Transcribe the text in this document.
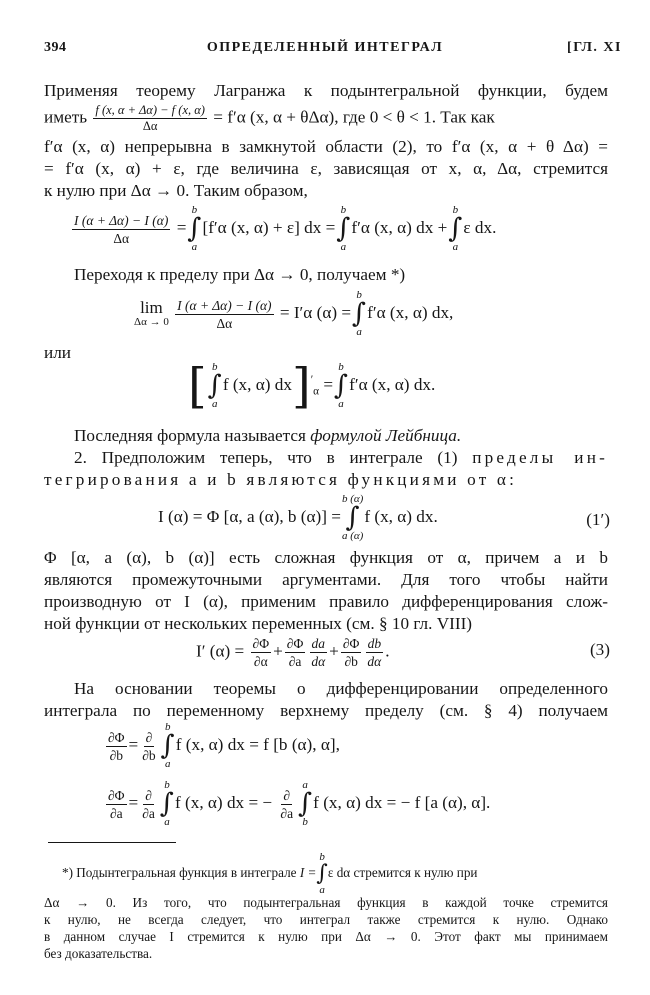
394	ОПРЕДЕЛЕННЫЙ ИНТЕГРАЛ	[ГЛ. XI
Применяя теорему Лагранжа к подынтегральной функции, будем
иметь $\frac{f (x, \alpha + \Delta\alpha) - f (x, \alpha)}{\Delta\alpha} = f'\alpha$ (x, α + θΔα), где 0 < θ < 1. Так как
f′α (x, α) непрерывна в замкнутой области (2), то f′α (x, α + θ Δα) =
= f′α (x, α) + ε, где величина ε, зависящая от x, α, Δα, стремится
к нулю при Δα → 0. Таким образом,
$\frac{I (\alpha + \Delta\alpha) - I (\alpha)}{\Delta\alpha}$ =
b
∫
a
[f′α (x, α) + ε] dx =
b
∫
a
f′α (x, α) dx +
b
∫
a
ε dx.
Переходя к пределу при Δα → 0, получаем *)
lim
Δα → 0
$\frac{I (\alpha + \Delta\alpha) - I (\alpha)}{\Delta\alpha} = I'\alpha$ (α) =
b
∫
a
f′α (x, α) dx,
или
[ b
∫
a
f (x, α) $dx]'_\alpha$ =
b
∫
a
f′α (x, α) dx.
Последняя формула называется формулой Лейбница.
2. Предположим теперь, что в интеграле (1) пределы ин-
тегрирования a и b являются функциями от α:
I (α) = Φ [α, a (α), b (α)] =
b (α)
∫
a (α)
f (x, α) dx.	(1′)
Φ [α, a (α), b (α)] есть сложная функция от α, причем a и b
являются промежуточными аргументами. Для того чтобы найти
производную от I (α), применим правило дифференцирования слож-
ной функции от нескольких переменных (см. § 10 гл. VIII)
I′ $(\alpha) = \frac{\partial\Phi}{\partial\alpha} + \frac{\partial\Phi}{\partial a} \frac{da}{d\alpha} + \frac{\partial\Phi}{\partial b} \frac{db}{d\alpha}$ .	(3)
На основании теоремы о дифференцировании определенного
интеграла по переменному верхнему пределу (см. § 4) получаем
$\frac{\partial\Phi}{\partial b} = \frac{\partial}{\partial b}$
b
∫
a
f (x, α) dx = f [b (α), α],
$\frac{\partial\Phi}{\partial a} = \frac{\partial}{\partial a}$
b
∫
a
f (x, α) dx = − $\frac{\partial}{\partial a}$
a
∫
b
f (x, α) dx = − f [a (α), α].
*) Подынтегральная функция в интеграле I =
b
∫
a
ε dα стремится к нулю при
Δα → 0. Из того, что подынтегральная функция в каждой точке стремится
к нулю, не всегда следует, что интеграл также стремится к нулю. Однако
в данном случае I стремится к нулю при Δα → 0. Этот факт мы принимаем
без доказательства.
